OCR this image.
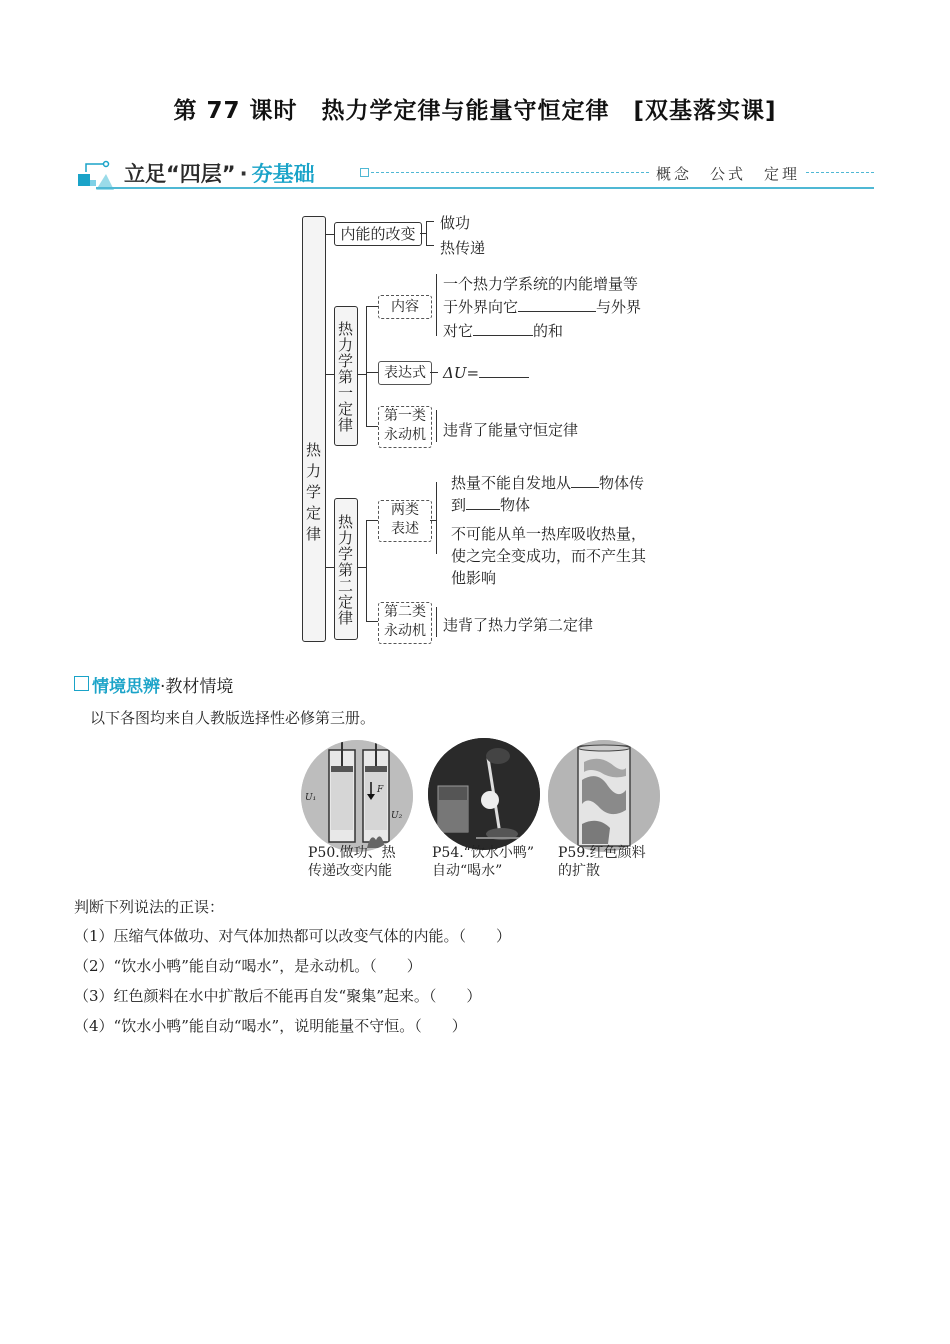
第 77 课时　热力学定律与能量守恒定律　[双基落实课]
立足“四层” · 夯基础	概念　公式　定理
热力学定律
内能的改变
做功
热传递
热力学第一定律
内容
一个热力学系统的内能增量等
于外界向它	与外界
对它	的和
表达式	ΔU=
第一类
永动机	违背了能量守恒定律
热力学第二定律
两类
表述
热量不能自发地从 物体传
到 物体
不可能从单一热库吸收热量，
使之完全变成功，而不产生其
他影响
第二类
永动机	违背了热力学第二定律
情境思辨·教材情境
以下各图均来自人教版选择性必修第三册。
U₁
U₂
F
P50.做功、热
传递改变内能
P54.“饮水小鸭”
自动“喝水”
P59.红色颜料
的扩散
判断下列说法的正误：
（1）压缩气体做功、对气体加热都可以改变气体的内能。（　　）
（2）“饮水小鸭”能自动“喝水”，是永动机。（　　）
（3）红色颜料在水中扩散后不能再自发“聚集”起来。（　　）
（4）“饮水小鸭”能自动“喝水”，说明能量不守恒。（　　）
